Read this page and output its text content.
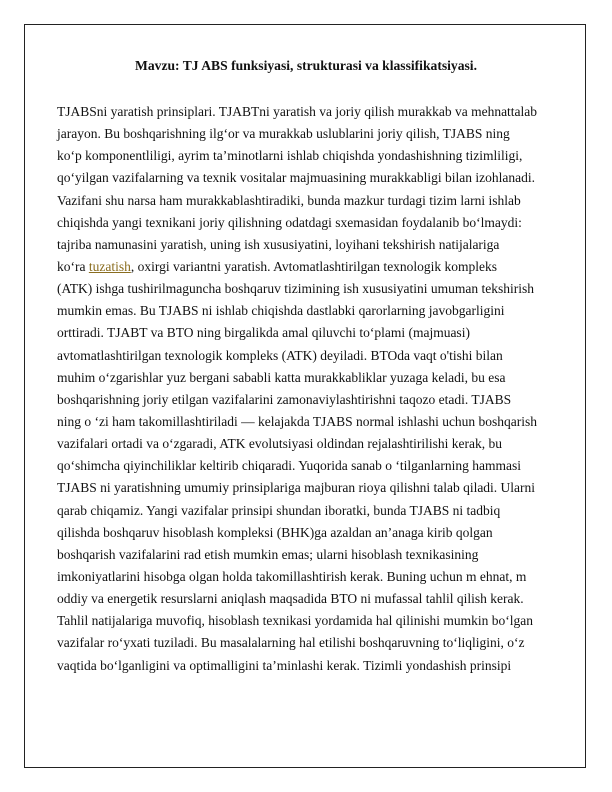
Mavzu: TJ ABS funksiyasi, strukturasi va klassifikatsiyasi.
TJABSni yaratish prinsiplari. TJABTni yaratish va joriy qilish murakkab va mehnattalab
jarayon. Bu boshqarishning ilg‘or va murakkab uslublarini joriy qilish, TJABS ning
ko‘p komponentliligi, ayrim ta’minotlarni ishlab chiqishda yondashishning tizimliligi,
qo‘yilgan vazifalarning va texnik vositalar majmuasining murakkabligi bilan izohlanadi.
Vazifani shu narsa ham murakkablashtiradiki, bunda mazkur turdagi tizim larni ishlab
chiqishda yangi texnikani joriy qilishning odatdagi sxemasidan foydalanib bo‘lmaydi:
tajriba namunasini yaratish, uning ish xususiyatini, loyihani tekshirish natijalariga
ko‘ra tuzatish, oxirgi variantni yaratish. Avtomatlashtirilgan texnologik kompleks
(ATK) ishga tushirilmaguncha boshqaruv tizimining ish xususiyatini umuman tekshirish
mumkin emas. Bu TJABS ni ishlab chiqishda dastlabki qarorlarning javobgarligini
orttiradi. TJABT va BTO ning birgalikda amal qiluvchi to‘plami (majmuasi)
avtomatlashtirilgan texnologik kompleks (ATK) deyiladi. BTOda vaqt o'tishi bilan
muhim o‘zgarishlar yuz bergani sababli katta murakkabliklar yuzaga keladi, bu esa
boshqarishning joriy etilgan vazifalarini zamonaviylashtirishni taqozo etadi. TJABS
ning o ‘zi ham takomillashtiriladi — kelajakda TJABS normal ishlashi uchun boshqarish
vazifalari ortadi va o‘zgaradi, ATK evolutsiyasi oldindan rejalashtirilishi kerak, bu
qo‘shimcha qiyinchiliklar keltirib chiqaradi. Yuqorida sanab o ‘tilganlarning hammasi
TJABS ni yaratishning umumiy prinsiplariga majburan rioya qilishni talab qiladi. Ularni
qarab chiqamiz. Yangi vazifalar prinsipi shundan iboratki, bunda TJABS ni tadbiq
qilishda boshqaruv hisoblash kompleksi (BHK)ga azaldan an’anaga kirib qolgan
boshqarish vazifalarini rad etish mumkin emas; ularni hisoblash texnikasining
imkoniyatlarini hisobga olgan holda takomillashtirish kerak. Buning uchun m ehnat, m
oddiy va energetik resurslarni aniqlash maqsadida BTO ni mufassal tahlil qilish kerak.
Tahlil natijalariga muvofiq, hisoblash texnikasi yordamida hal qilinishi mumkin bo‘lgan
vazifalar ro‘yxati tuziladi. Bu masalalarning hal etilishi boshqaruvning to‘liqligini, o‘z
vaqtida bo‘lganligini va optimalligini ta’minlashi kerak. Tizimli yondashish prinsipi
